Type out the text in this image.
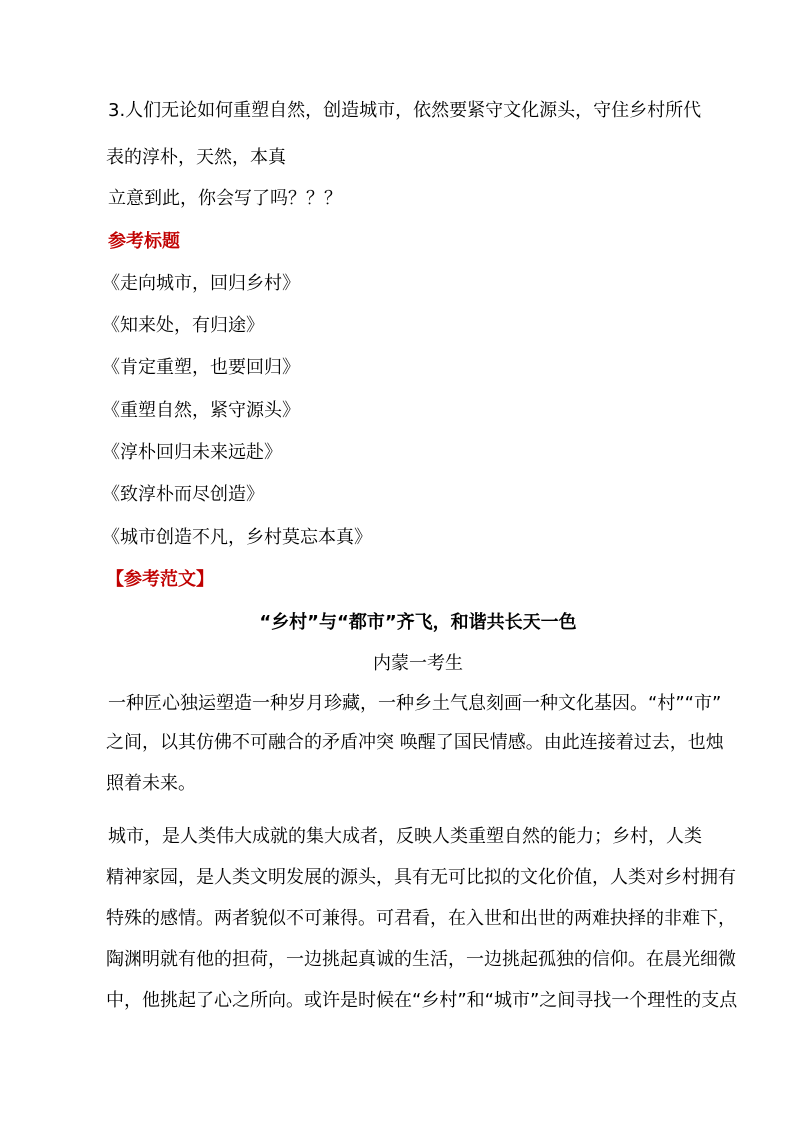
3.人们无论如何重塑自然，创造城市，依然要紧守文化源头，守住乡村所代
表的淳朴，天然，本真
立意到此，你会写了吗？？？
参考标题
《走向城市，回归乡村》
《知来处，有归途》
《肯定重塑，也要回归》
《重塑自然，紧守源头》
《淳朴回归未来远赴》
《致淳朴而尽创造》
《城市创造不凡，乡村莫忘本真》
【参考范文】
“乡村”与“都市”齐飞，和谐共长天一色
内蒙一考生
一种匠心独运塑造一种岁月珍藏，一种乡土气息刻画一种文化基因。“村”“市”
之间，以其仿佛不可融合的矛盾冲突 唤醒了国民情感。由此连接着过去，也烛
照着未来。
城市，是人类伟大成就的集大成者，反映人类重塑自然的能力；乡村，人类
精神家园，是人类文明发展的源头，具有无可比拟的文化价值，人类对乡村拥有
特殊的感情。两者貌似不可兼得。可君看，在入世和出世的两难抉择的非难下，
陶渊明就有他的担荷，一边挑起真诚的生活，一边挑起孤独的信仰。在晨光细微
中，他挑起了心之所向。或许是时候在“乡村”和“城市”之间寻找一个理性的支点
